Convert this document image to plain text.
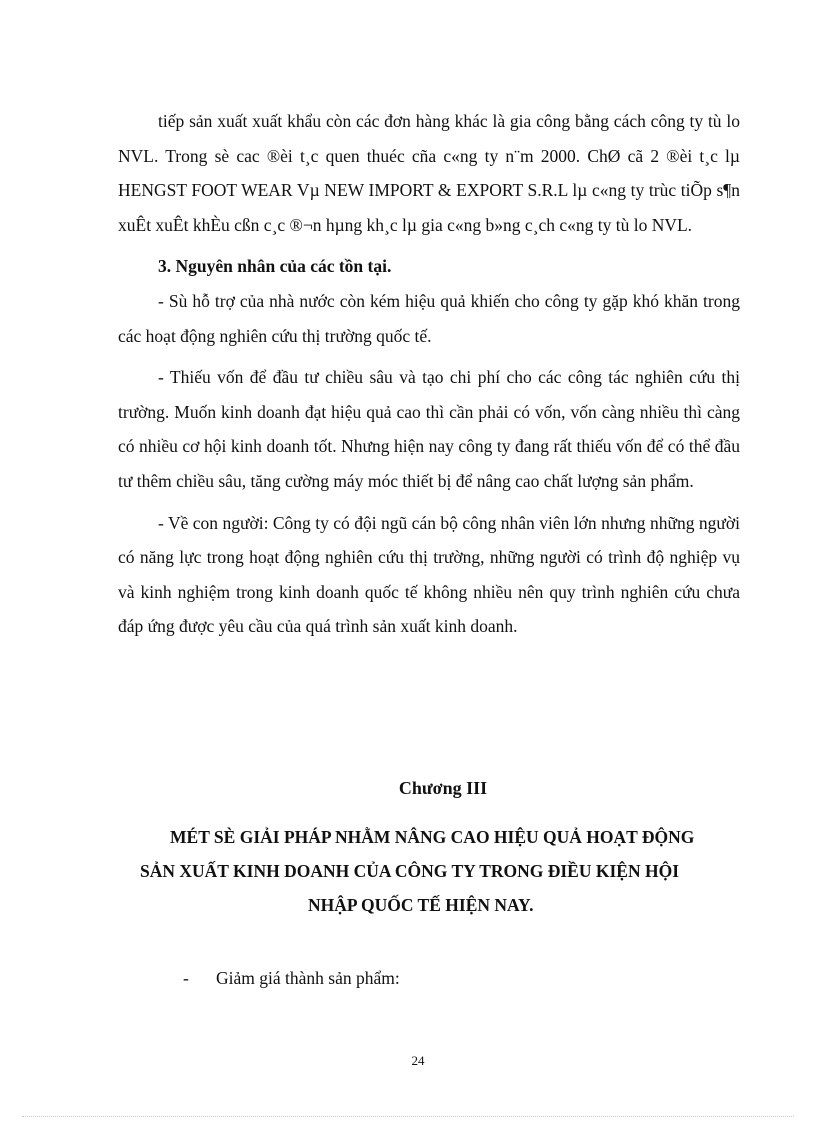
tiếp sản xuất xuất khẩu còn các đơn hàng khác là gia công bằng cách công ty tù lo NVL. Trong sè cac ®èi t¸c quen thuéc cña c«ng ty n¨m 2000. ChØ cã 2 ®èi t¸c lµ HENGST FOOT WEAR Vµ NEW IMPORT & EXPORT S.R.L lµ c«ng ty trùc tiÕp s¶n xuÊt xuÊt khÈu cßn c¸c ®¬n hµng kh¸c lµ gia c«ng b»ng c¸ch c«ng ty tù lo NVL.

3. Nguyên nhân của các tồn tại.

- Sù hỗ trợ của nhà nước còn kém hiệu quả khiến cho công ty gặp khó khăn trong các hoạt động nghiên cứu thị trường quốc tế.

- Thiếu vốn để đầu tư chiều sâu và tạo chi phí cho các công tác nghiên cứu thị trường. Muốn kinh doanh đạt hiệu quả cao thì cần phải có vốn, vốn càng nhiều thì càng có nhiều cơ hội kinh doanh tốt. Nhưng hiện nay công ty đang rất thiếu vốn để có thể đầu tư thêm chiều sâu, tăng cường máy móc thiết bị để nâng cao chất lượng sản phẩm.

- Về con người: Công ty có đội ngũ cán bộ công nhân viên lớn nhưng những người có năng lực trong hoạt động nghiên cứu thị trường, những người có trình độ nghiệp vụ và kinh nghiệm trong kinh doanh quốc tế không nhiều nên quy trình nghiên cứu chưa đáp ứng được yêu cầu của quá trình sản xuất kinh doanh.

Chương III
MÉT SÈ GIẢI PHÁP NHẰM NÂNG CAO HIỆU QUẢ HOẠT ĐỘNG
SẢN XUẤT KINH DOANH CỦA CÔNG TY TRONG ĐIỀU KIỆN HỘI
NHẬP QUỐC TẾ HIỆN NAY.
- Giảm giá thành sản phẩm:
24
